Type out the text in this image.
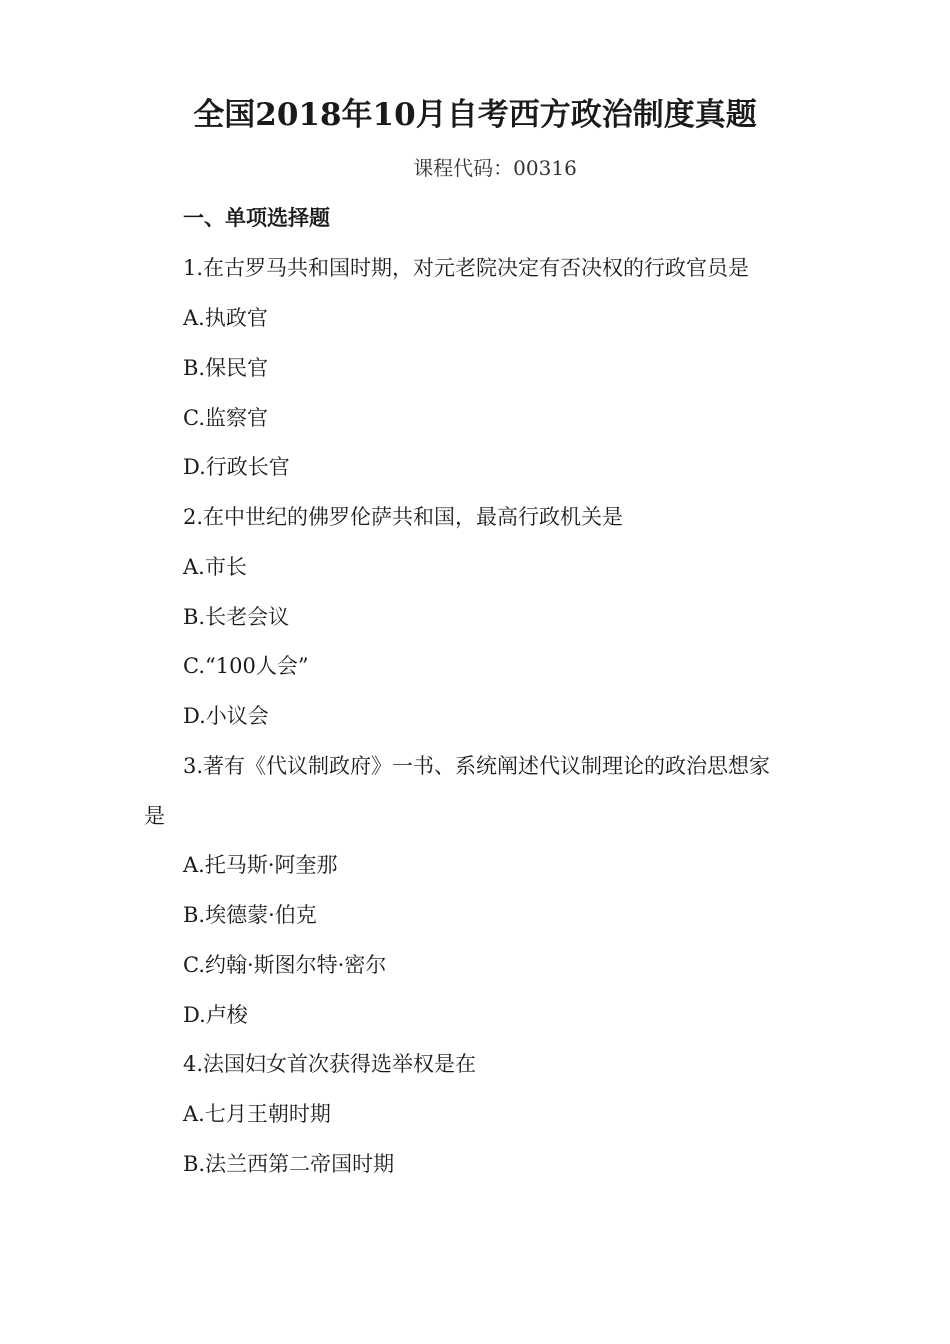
全国2018年10月自考西方政治制度真题
课程代码：00316
一、单项选择题
1.在古罗马共和国时期，对元老院决定有否决权的行政官员是
A.执政官
B.保民官
C.监察官
D.行政长官
2.在中世纪的佛罗伦萨共和国，最高行政机关是
A.市长
B.长老会议
C.“100人会”
D.小议会
3.著有《代议制政府》一书、系统阐述代议制理论的政治思想家
是
A.托马斯·阿奎那
B.埃德蒙·伯克
C.约翰·斯图尔特·密尔
D.卢梭
4.法国妇女首次获得选举权是在
A.七月王朝时期
B.法兰西第二帝国时期
